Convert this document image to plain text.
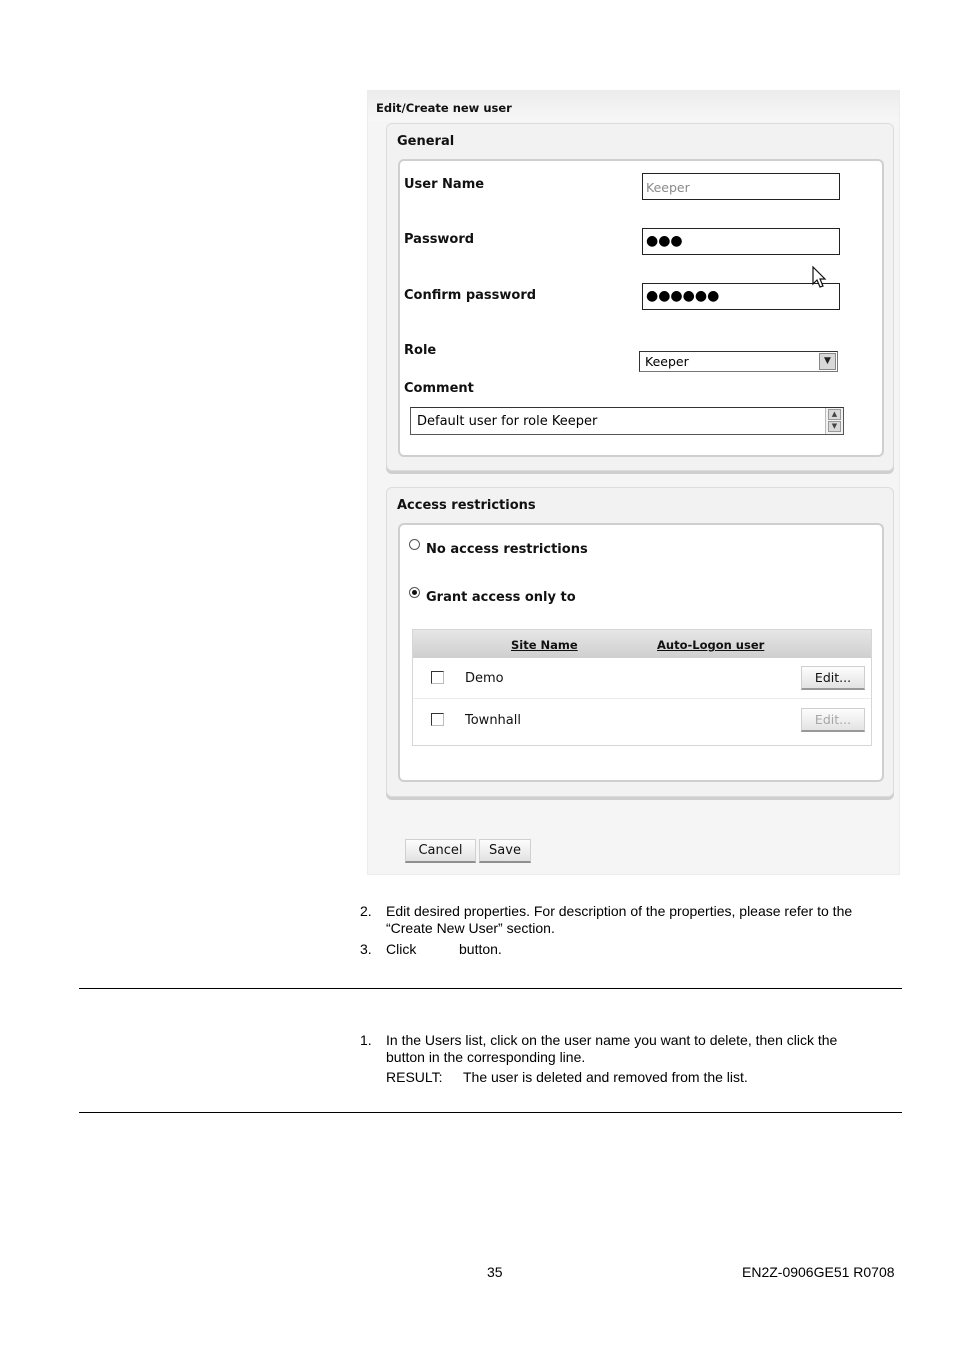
Edit/Create new user
General
User Name	Keeper
Password	●●●
Confirm password	●●●●●●
Role
Keeper	▼
Comment
Default user for role Keeper	▲
▼
Access restrictions
No access restrictions
Grant access only to
Site Name	Auto-Logon user
Demo	Edit...
Townhall	Edit...
Cancel	Save
2. Edit desired properties. For description of the properties, please refer to the
“Create New User” section.
3. Click	button.
1. In the Users list, click on the user name you want to delete, then click the
button in the corresponding line.
RESULT: The user is deleted and removed from the list.
35	EN2Z-0906GE51 R0708
